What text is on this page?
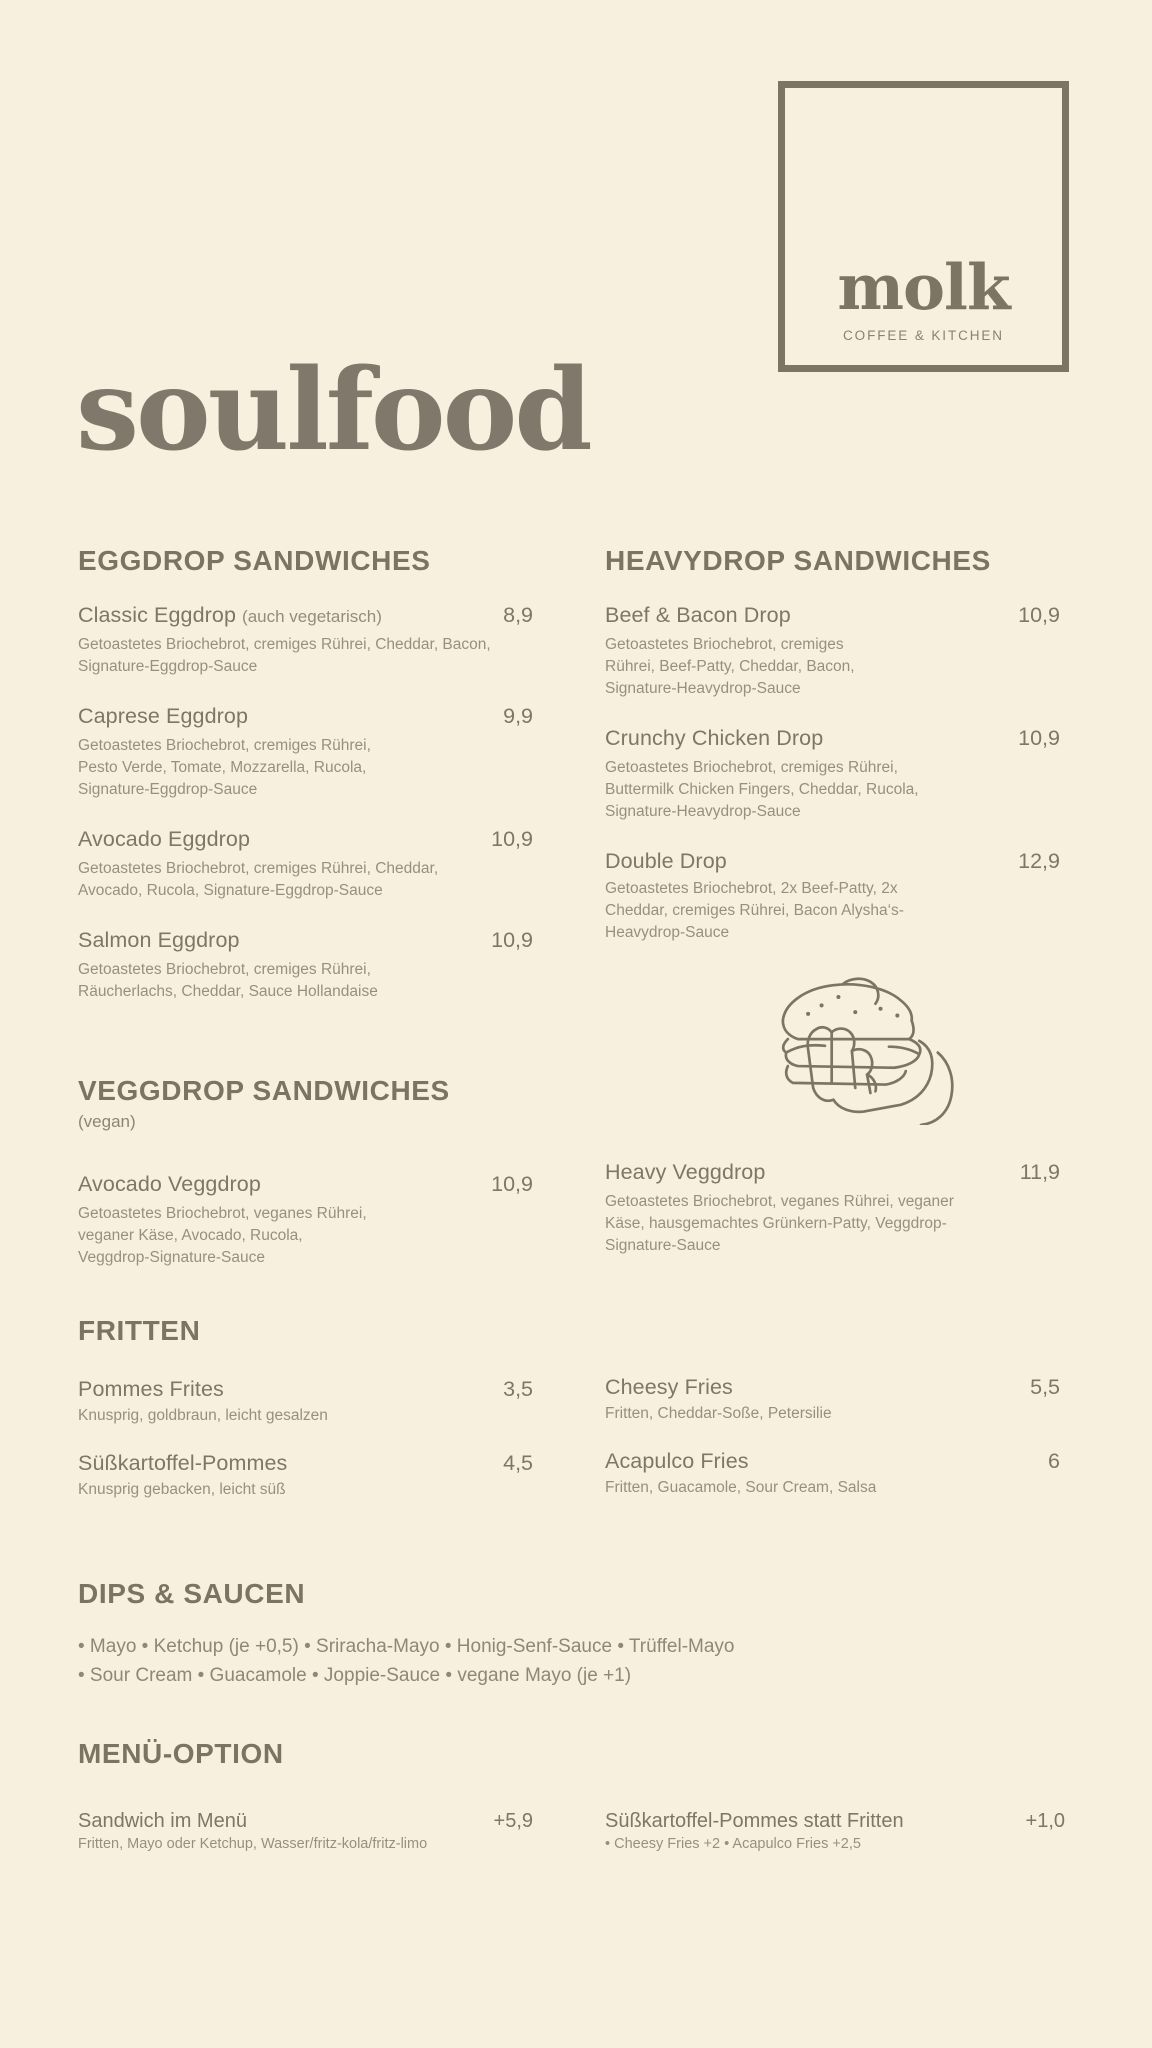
molk
COFFEE & KITCHEN
soulfood
EGGDROP SANDWICHES
Classic Eggdrop (auch vegetarisch)	8,9
Getoastetes Briochebrot, cremiges Rührei, Cheddar, Bacon, Signature-Eggdrop-Sauce
Caprese Eggdrop	9,9
Getoastetes Briochebrot, cremiges Rührei, Pesto Verde, Tomate, Mozzarella, Rucola, Signature-Eggdrop-Sauce
Avocado Eggdrop	10,9
Getoastetes Briochebrot, cremiges Rührei, Cheddar, Avocado, Rucola, Signature-Eggdrop-Sauce
Salmon Eggdrop	10,9
Getoastetes Briochebrot, cremiges Rührei, Räucherlachs, Cheddar, Sauce Hollandaise
HEAVYDROP SANDWICHES
Beef & Bacon Drop	10,9
Getoastetes Briochebrot, cremiges Rührei, Beef-Patty, Cheddar, Bacon, Signature-Heavydrop-Sauce
Crunchy Chicken Drop	10,9
Getoastetes Briochebrot, cremiges Rührei, Buttermilk Chicken Fingers, Cheddar, Rucola, Signature-Heavydrop-Sauce
Double Drop	12,9
Getoastetes Briochebrot, 2x Beef-Patty, 2x Cheddar, cremiges Rührei, Bacon Alysha‘s-Heavydrop-Sauce
VEGGDROP SANDWICHES
(vegan)
Avocado Veggdrop	10,9
Getoastetes Briochebrot, veganes Rührei, veganer Käse, Avocado, Rucola, Veggdrop-Signature-Sauce
Heavy Veggdrop	11,9
Getoastetes Briochebrot, veganes Rührei, veganer Käse, hausgemachtes Grünkern-Patty, Veggdrop-Signature-Sauce
FRITTEN
Pommes Frites	3,5
Knusprig, goldbraun, leicht gesalzen
Süßkartoffel-Pommes	4,5
Knusprig gebacken, leicht süß
Cheesy Fries	5,5
Fritten, Cheddar-Soße, Petersilie
Acapulco Fries	6
Fritten, Guacamole, Sour Cream, Salsa
DIPS & SAUCEN
• Mayo • Ketchup (je +0,5) • Sriracha-Mayo • Honig-Senf-Sauce • Trüffel-Mayo
• Sour Cream • Guacamole • Joppie-Sauce • vegane Mayo (je +1)
MENÜ-OPTION
Sandwich im Menü	+5,9
Fritten, Mayo oder Ketchup, Wasser/fritz-kola/fritz-limo
Süßkartoffel-Pommes statt Fritten	+1,0
• Cheesy Fries +2 • Acapulco Fries +2,5
